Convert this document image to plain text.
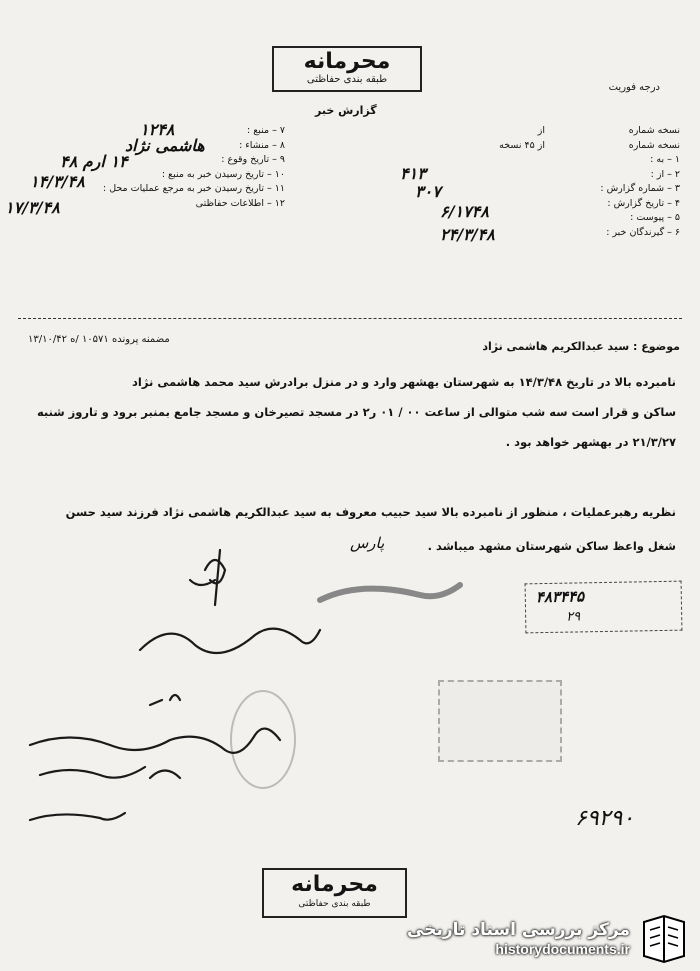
محرمانه
طبقه بندی حفاظتی
درجه فوریت
گزارش خبر
۷ – منبع :
۸ – منشاء :
۹ – تاریخ وقوع :
۱۰ – تاریخ رسیدن خبر به منبع :
۱۱ – تاریخ رسیدن خبر به مرجع عملیات محل :
۱۲ – اطلاعات حفاظتی
۱۲۴۸
هاشمی نژاد
۱۴ ارم ۴۸
۱۴/۳/۴۸
۱۷/۳/۴۸
نسخه شماره
نسخه شماره
۱ – به :
۲ – از :
۳ – شماره گزارش :
۴ – تاریخ گزارش :
۵ – پیوست :
۶ – گیرندگان خبر :
از
از ۴۵ نسخه
۴۱۳
۳۰۷
۶/۱۷۴۸
۲۴/۳/۴۸
مضمنه پرونده ۱۰۵۷۱ /ه ۱۳/۱۰/۴۲
موضوع : سید عبدالکریم هاشمی نژاد
نامبرده بالا در تاریخ ۱۴/۳/۴۸ به شهرستان بهشهر وارد و در منزل برادرش سید محمد هاشمی نژاد
ساکن و قرار است سه شب متوالی از ساعت ۰۰ / ۰۱ ر۲ در مسجد تصیرخان و مسجد جامع بمنبر برود و تاروز شنبه
۲۱/۳/۲۷ در بهشهر خواهد بود .
نظریه رهبرعملیات ، منظور از نامبرده بالا سید حبیب معروف به سید عبدالکریم هاشمی نژاد فرزند سید حسن
شغل واعظ ساکن شهرستان مشهد میباشد .
پارس
۴۸۳۴۴۵
۲۹
۶۹۲۹۰
محرمانه
طبقه بندی حفاظتی
مرکز بررسی اسناد تاریخی
historydocuments.ir
